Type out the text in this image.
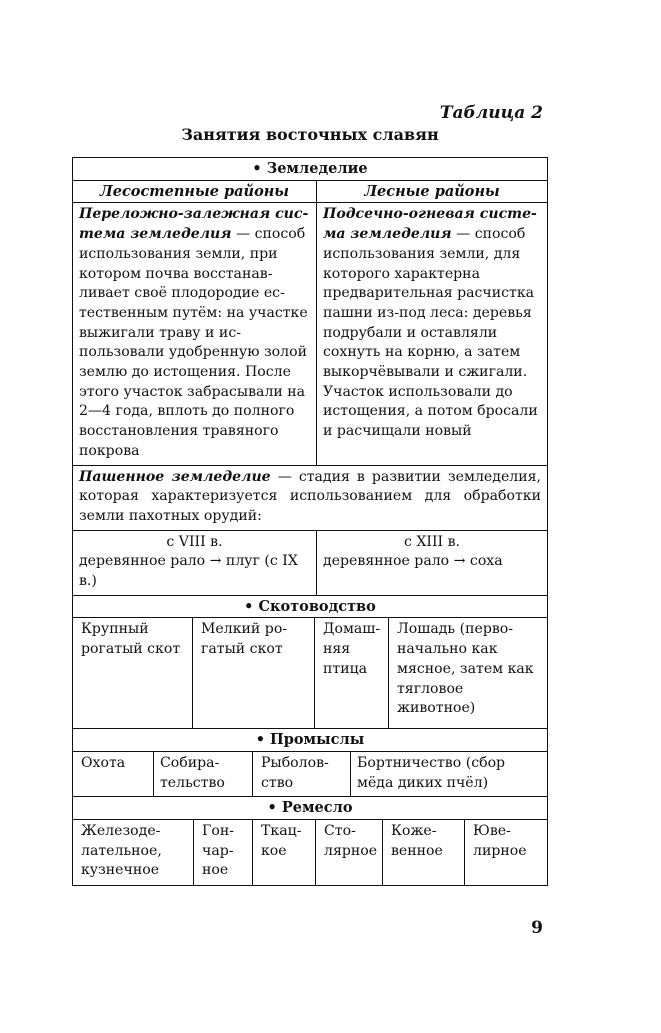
Таблица 2
Занятия восточных славян
• Земледелие
Лесостепные районы	Лесные районы
Переложно-залежная система земледелия — способ использования земли, при котором почва восстанавливает своё плодородие естественным путём: на участке выжигали траву и использовали удобренную золой землю до истощения. После этого участок забрасывали на 2—4 года, вплоть до полного восстановления травяного покрова
Подсечно-огневая система земледелия — способ использования земли, для которого характерна предварительная расчистка пашни из-под леса: деревья подрубали и оставляли сохнуть на корню, а затем выкорчёвывали и сжигали. Участок использовали до истощения, а потом бросали и расчищали новый
Пашенное земледелие — стадия в развитии земледелия, которая характеризуется использованием для обработки земли пахотных орудий:
с VIII в.
деревянное рало → плуг (с IX в.)
с XIII в.
деревянное рало → соха
• Скотоводство
Крупный рогатый скот
Мелкий рогатый скот
Домашняя птица
Лошадь (первоначально как мясное, затем как тягловое животное)
• Промыслы
Охота	Собирательство
Рыболовство
Бортничество (сбор мёда диких пчёл)
• Ремесло
Железоделательное, кузнечное
Гончарное
Ткацкое
Столярное
Кожевенное
Ювелирное
9
